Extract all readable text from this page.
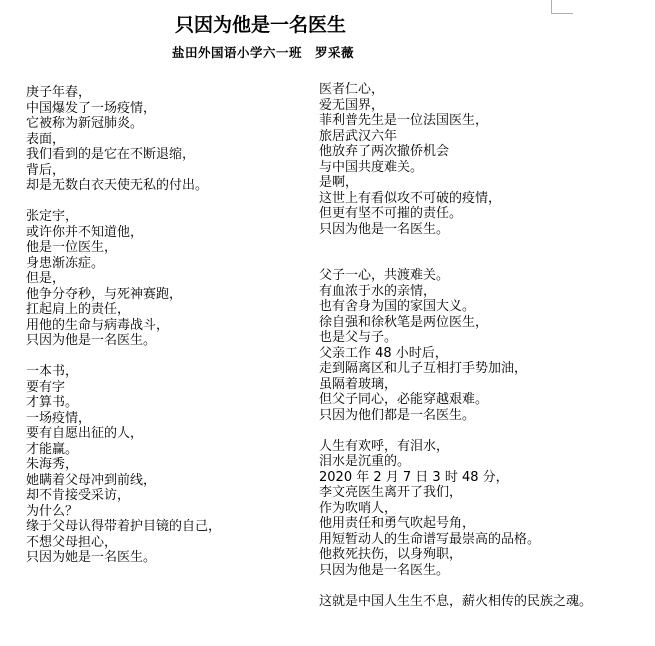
只因为他是一名医生
盐田外国语小学六一班　罗采薇
庚子年春，
中国爆发了一场疫情，
它被称为新冠肺炎。
表面，
我们看到的是它在不断退缩，
背后，
却是无数白衣天使无私的付出。
张定宇，
或许你并不知道他，
他是一位医生，
身患渐冻症。
但是，
他争分夺秒，与死神赛跑，
扛起肩上的责任，
用他的生命与病毒战斗，
只因为他是一名医生。
一本书，
要有字
才算书。
一场疫情，
要有自愿出征的人，
才能赢。
朱海秀，
她瞒着父母冲到前线，
却不肯接受采访，
为什么？
缘于父母认得带着护目镜的自己，
不想父母担心，
只因为她是一名医生。
医者仁心，
爱无国界，
菲利普先生是一位法国医生，
旅居武汉六年
他放弃了两次撤侨机会
与中国共度难关。
是啊，
这世上有看似攻不可破的疫情，
但更有坚不可摧的责任。
只因为他是一名医生。
父子一心，共渡难关。
有血浓于水的亲情，
也有舍身为国的家国大义。
徐自强和徐秋笔是两位医生，
也是父与子。
父亲工作 48 小时后，
走到隔离区和儿子互相打手势加油，
虽隔着玻璃，
但父子同心，必能穿越艰难。
只因为他们都是一名医生。
人生有欢呼，有泪水，
泪水是沉重的。
2020 年 2 月 7 日 3 时 48 分，
李文亮医生离开了我们，
作为吹哨人，
他用责任和勇气吹起号角，
用短暂动人的生命谱写最崇高的品格。
他救死扶伤，以身殉职，
只因为他是一名医生。
这就是中国人生生不息，薪火相传的民族之魂。
